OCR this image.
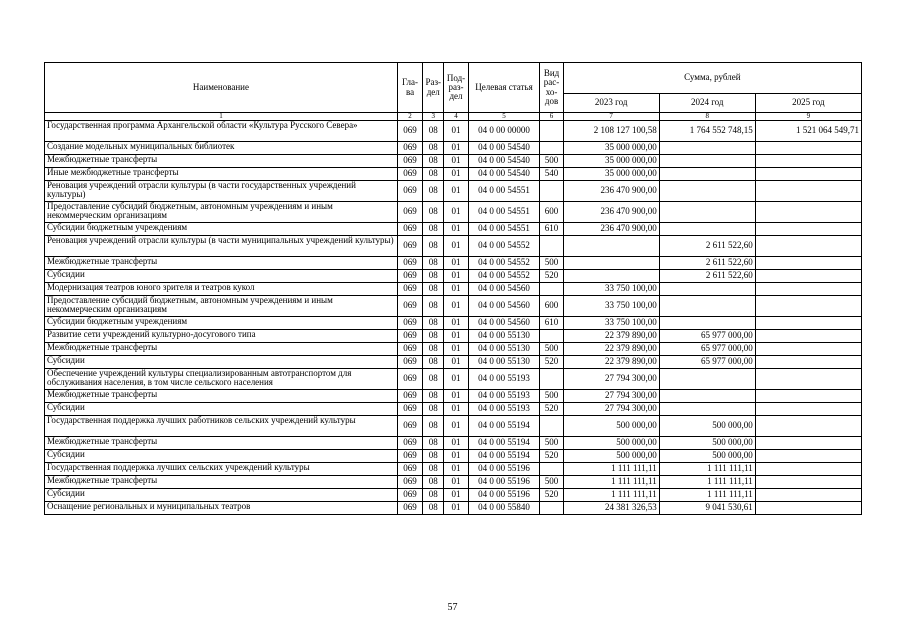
Наименование	Гла-ва	Раз-дел	Под-раз-дел	Целевая статья	Вид рас-хо-дов	Сумма, рублей		
						2023 год	2024 год	2025 год
1	2	3	4	5	6	7	8	9
Государственная программа Архангельской области «Культура Русского Севера»	069	08	01	04 0 00 00000		2 108 127 100,58	1 764 552 748,15	1 521 064 549,71
Создание модельных муниципальных библиотек	069	08	01	04 0 00 54540		35 000 000,00		
Межбюджетные трансферты	069	08	01	04 0 00 54540	500	35 000 000,00		
Иные межбюджетные трансферты	069	08	01	04 0 00 54540	540	35 000 000,00		
Реновация учреждений отрасли культуры (в части государственных учреждений культуры)	069	08	01	04 0 00 54551		236 470 900,00		
Предоставление субсидий бюджетным, автономным учреждениям и иным некоммерческим организациям	069	08	01	04 0 00 54551	600	236 470 900,00		
Субсидии бюджетным учреждениям	069	08	01	04 0 00 54551	610	236 470 900,00		
Реновация учреждений отрасли культуры (в части муниципальных учреждений культуры)	069	08	01	04 0 00 54552			2 611 522,60	
Межбюджетные трансферты	069	08	01	04 0 00 54552	500		2 611 522,60	
Субсидии	069	08	01	04 0 00 54552	520		2 611 522,60	
Модернизация театров юного зрителя и театров кукол	069	08	01	04 0 00 54560		33 750 100,00		
Предоставление субсидий бюджетным, автономным учреждениям и иным некоммерческим организациям	069	08	01	04 0 00 54560	600	33 750 100,00		
Субсидии бюджетным учреждениям	069	08	01	04 0 00 54560	610	33 750 100,00		
Развитие сети учреждений культурно-досугового типа	069	08	01	04 0 00 55130		22 379 890,00	65 977 000,00	
Межбюджетные трансферты	069	08	01	04 0 00 55130	500	22 379 890,00	65 977 000,00	
Субсидии	069	08	01	04 0 00 55130	520	22 379 890,00	65 977 000,00	
Обеспечение учреждений культуры специализированным автотранспортом для обслуживания населения, в том числе сельского населения	069	08	01	04 0 00 55193		27 794 300,00		
Межбюджетные трансферты	069	08	01	04 0 00 55193	500	27 794 300,00		
Субсидии	069	08	01	04 0 00 55193	520	27 794 300,00		
Государственная поддержка лучших работников сельских учреждений культуры	069	08	01	04 0 00 55194		500 000,00	500 000,00	
Межбюджетные трансферты	069	08	01	04 0 00 55194	500	500 000,00	500 000,00	
Субсидии	069	08	01	04 0 00 55194	520	500 000,00	500 000,00	
Государственная поддержка лучших сельских учреждений культуры	069	08	01	04 0 00 55196		1 111 111,11	1 111 111,11	
Межбюджетные трансферты	069	08	01	04 0 00 55196	500	1 111 111,11	1 111 111,11	
Субсидии	069	08	01	04 0 00 55196	520	1 111 111,11	1 111 111,11	
Оснащение региональных и муниципальных театров	069	08	01	04 0 00 55840		24 381 326,53	9 041 530,61	
57
